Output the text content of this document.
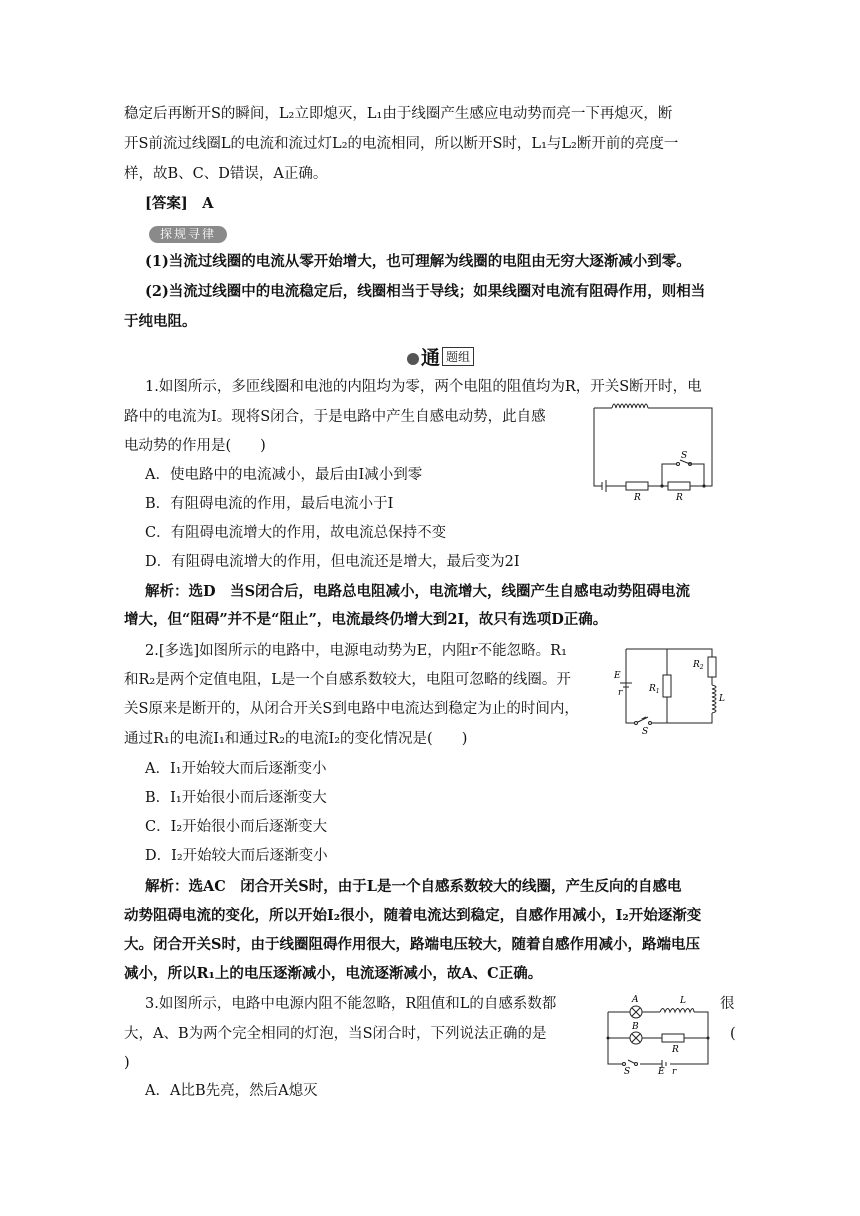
稳定后再断开S的瞬间，L₂立即熄灭，L₁由于线圈产生感应电动势而亮一下再熄灭，断
开S前流过线圈L的电流和流过灯L₂的电流相同，所以断开S时，L₁与L₂断开前的亮度一
样，故B、C、D错误，A正确。
[答案]　A
探规寻律
(1)当流过线圈的电流从零开始增大，也可理解为线圈的电阻由无穷大逐渐减小到零。
(2)当流过线圈中的电流稳定后，线圈相当于导线；如果线圈对电流有阻碍作用，则相当
于纯电阻。
通 题组
1.如图所示，多匝线圈和电池的内阻均为零，两个电阻的阻值均为R，开关S断开时，电
路中的电流为I。现将S闭合，于是电路中产生自感电动势，此自感
电动势的作用是(　　)
A．使电路中的电流减小，最后由I减小到零
B．有阻碍电流的作用，最后电流小于I
C．有阻碍电流增大的作用，故电流总保持不变
D．有阻碍电流增大的作用，但电流还是增大，最后变为2I
解析：选D　当S闭合后，电路总电阻减小，电流增大，线圈产生自感电动势阻碍电流
增大，但“阻碍”并不是“阻止”，电流最终仍增大到2I，故只有选项D正确。
2.[多选]如图所示的电路中，电源电动势为E，内阻r不能忽略。R₁
和R₂是两个定值电阻，L是一个自感系数较大，电阻可忽略的线圈。开
关S原来是断开的，从闭合开关S到电路中电流达到稳定为止的时间内，
通过R₁的电流I₁和通过R₂的电流I₂的变化情况是(　　)
A．I₁开始较大而后逐渐变小
B．I₁开始很小而后逐渐变大
C．I₂开始很小而后逐渐变大
D．I₂开始较大而后逐渐变小
解析：选AC　闭合开关S时，由于L是一个自感系数较大的线圈，产生反向的自感电
动势阻碍电流的变化，所以开始I₂很小，随着电流达到稳定，自感作用减小，I₂开始逐渐变
大。闭合开关S时，由于线圈阻碍作用很大，路端电压较大，随着自感作用减小，路端电压
减小，所以R₁上的电压逐渐减小，电流逐渐减小，故A、C正确。
3.如图所示，电路中电源内阻不能忽略，R阻值和L的自感系数都	很
大，A、B为两个完全相同的灯泡，当S闭合时，下列说法正确的是	(
)
A．A比B先亮，然后A熄灭
S
R	R
E
r	$R_1$
$R_2$
L
S
A
B
L
R
S	E r
